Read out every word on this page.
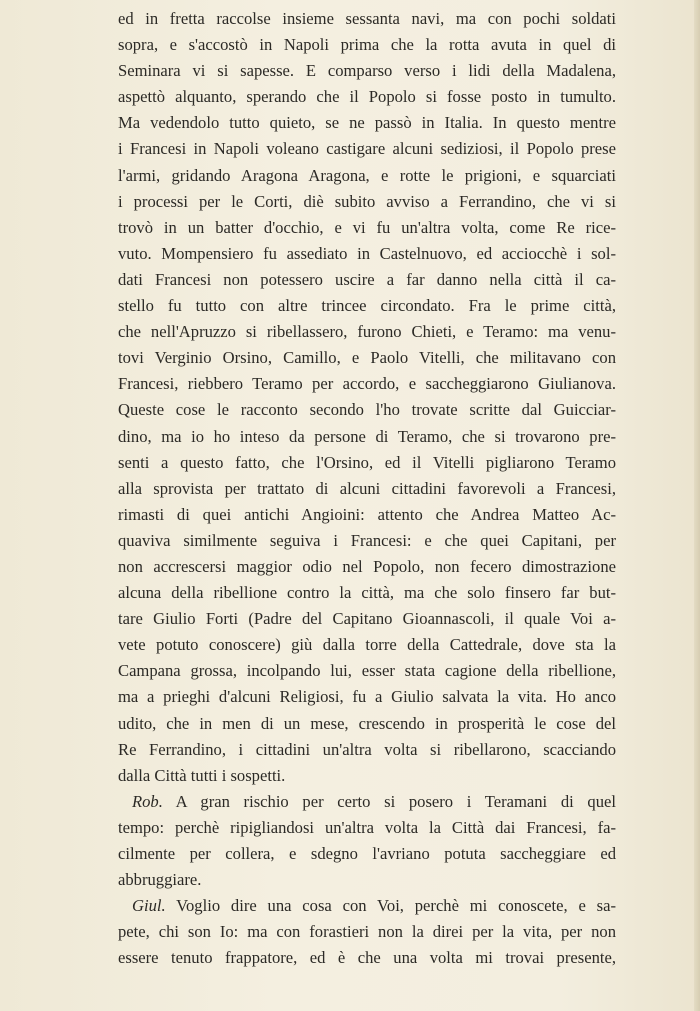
ed in fretta raccolse insieme sessanta navi, ma con pochi soldati
sopra, e s'accostò in Napoli prima che la rotta avuta in quel di
Seminara vi si sapesse. E comparso verso i lidi della Madalena,
aspettò alquanto, sperando che il Popolo si fosse posto in tumulto.
Ma vedendolo tutto quieto, se ne passò in Italia. In questo mentre
i Francesi in Napoli voleano castigare alcuni sediziosi, il Popolo prese
l'armi, gridando Aragona Aragona, e rotte le prigioni, e squarciati
i processi per le Corti, diè subito avviso a Ferrandino, che vi si
trovò in un batter d'occhio, e vi fu un'altra volta, come Re rice-
vuto. Mompensiero fu assediato in Castelnuovo, ed acciocchè i sol-
dati Francesi non potessero uscire a far danno nella città il ca-
stello fu tutto con altre trincee circondato. Fra le prime città,
che nell'Apruzzo si ribellassero, furono Chieti, e Teramo: ma venu-
tovi Verginio Orsino, Camillo, e Paolo Vitelli, che militavano con
Francesi, riebbero Teramo per accordo, e saccheggiarono Giulianova.
Queste cose le racconto secondo l'ho trovate scritte dal Guicciar-
dino, ma io ho inteso da persone di Teramo, che si trovarono pre-
senti a questo fatto, che l'Orsino, ed il Vitelli pigliarono Teramo
alla sprovista per trattato di alcuni cittadini favorevoli a Francesi,
rimasti di quei antichi Angioini: attento che Andrea Matteo Ac-
quaviva similmente seguiva i Francesi: e che quei Capitani, per
non accrescersi maggior odio nel Popolo, non fecero dimostrazione
alcuna della ribellione contro la città, ma che solo finsero far but-
tare Giulio Forti (Padre del Capitano Gioannascoli, il quale Voi a-
vete potuto conoscere) giù dalla torre della Cattedrale, dove sta la
Campana grossa, incolpando lui, esser stata cagione della ribellione,
ma a prieghi d'alcuni Religiosi, fu a Giulio salvata la vita. Ho anco
udito, che in men di un mese, crescendo in prosperità le cose del
Re Ferrandino, i cittadini un'altra volta si ribellarono, scacciando
dalla Città tutti i sospetti.
Rob. A gran rischio per certo si posero i Teramani di quel
tempo: perchè ripigliandosi un'altra volta la Città dai Francesi, fa-
cilmente per collera, e sdegno l'avriano potuta saccheggiare ed
abbruggiare.
Giul. Voglio dire una cosa con Voi, perchè mi conoscete, e sa-
pete, chi son Io: ma con forastieri non la direi per la vita, per non
essere tenuto frappatore, ed è che una volta mi trovai presente,
